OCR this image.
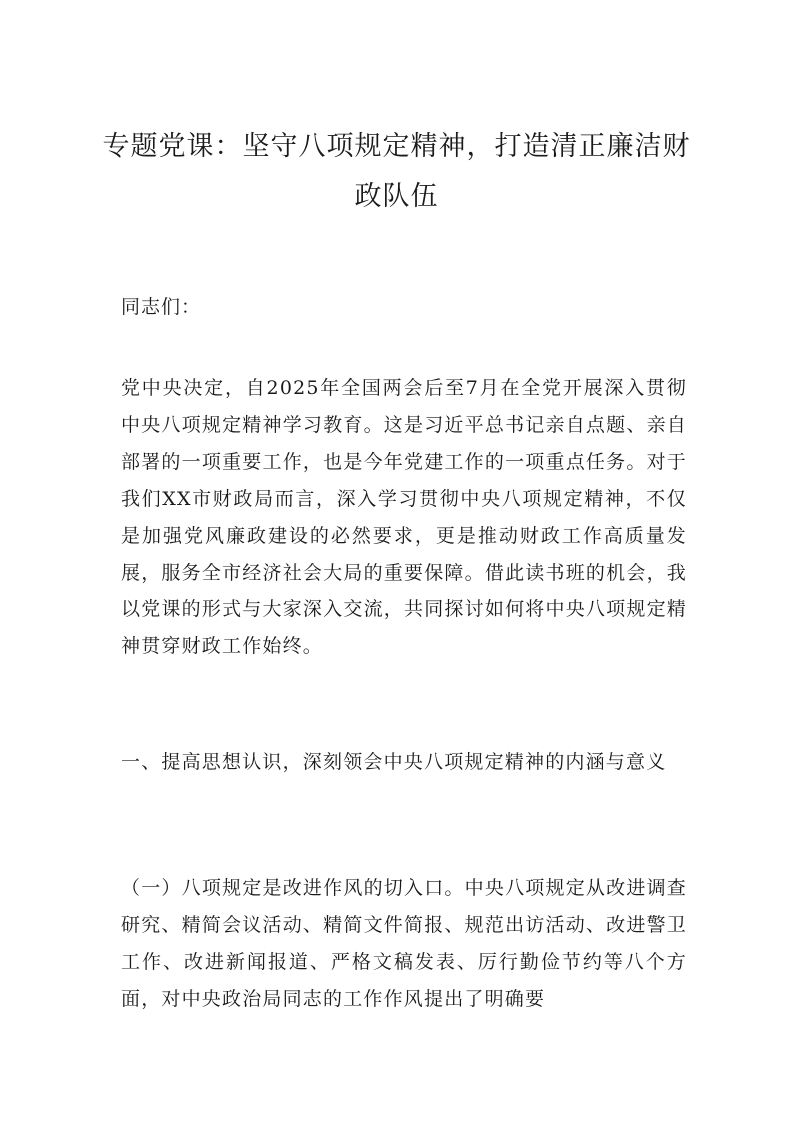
专题党课：坚守八项规定精神，打造清正廉洁财政队伍

同志们：

党中央决定，自2025年全国两会后至7月在全党开展深入贯彻中央八项规定精神学习教育。这是习近平总书记亲自点题、亲自部署的一项重要工作，也是今年党建工作的一项重点任务。对于我们XX市财政局而言，深入学习贯彻中央八项规定精神，不仅是加强党风廉政建设的必然要求，更是推动财政工作高质量发展，服务全市经济社会大局的重要保障。借此读书班的机会，我以党课的形式与大家深入交流，共同探讨如何将中央八项规定精神贯穿财政工作始终。

一、提高思想认识，深刻领会中央八项规定精神的内涵与意义

（一）八项规定是改进作风的切入口。中央八项规定从改进调查研究、精简会议活动、精简文件简报、规范出访活动、改进警卫工作、改进新闻报道、严格文稿发表、厉行勤俭节约等八个方面，对中央政治局同志的工作作风提出了明确要
